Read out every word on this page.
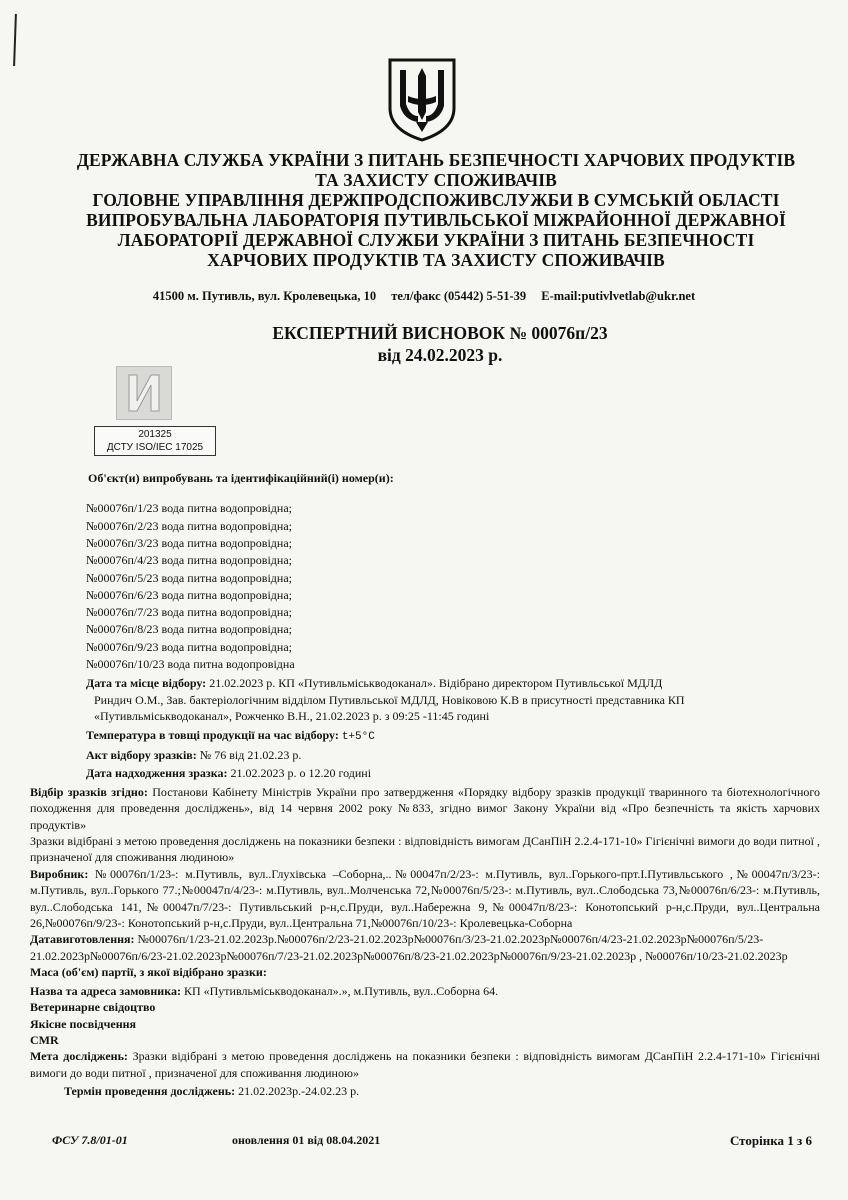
ДЕРЖАВНА СЛУЖБА УКРАЇНИ З ПИТАНЬ БЕЗПЕЧНОСТІ ХАРЧОВИХ ПРОДУКТІВ
ТА ЗАХИСТУ СПОЖИВАЧІВ
ГОЛОВНЕ УПРАВЛІННЯ ДЕРЖПРОДСПОЖИВСЛУЖБИ В СУМСЬКІЙ ОБЛАСТІ
ВИПРОБУВАЛЬНА ЛАБОРАТОРІЯ ПУТИВЛЬСЬКОЇ МІЖРАЙОННОЇ ДЕРЖАВНОЇ
ЛАБОРАТОРІЇ ДЕРЖАВНОЇ СЛУЖБИ УКРАЇНИ З ПИТАНЬ БЕЗПЕЧНОСТІ
ХАРЧОВИХ ПРОДУКТІВ ТА ЗАХИСТУ СПОЖИВАЧІВ
41500 м. Путивль, вул. Кролевецька, 10 тел/факс (05442) 5-51-39 E-mail:putivlvetlab@ukr.net
ЕКСПЕРТНИЙ ВИСНОВОК № 00076п/23
від 24.02.2023 р.
201325
ДСТУ ISO/IEC 17025

Об'єкт(и) випробувань та ідентифікаційний(і) номер(и):

№00076п/1/23 вода питна водопровідна;
№00076п/2/23 вода питна водопровідна;
№00076п/3/23 вода питна водопровідна;
№00076п/4/23 вода питна водопровідна;
№00076п/5/23 вода питна водопровідна;
№00076п/6/23 вода питна водопровідна;
№00076п/7/23 вода питна водопровідна;
№00076п/8/23 вода питна водопровідна;
№00076п/9/23 вода питна водопровідна;
№00076п/10/23 вода питна водопровідна
Дата та місце відбору: 21.02.2023 р. КП «Путивльміськводоканал». Відібрано директором Путивльської МДЛД
Риндич О.М., Зав. бактеріологічним відділом Путивльської МДЛД, Новіковою К.В в присутності представника КП
«Путивльміськводоканал», Рожченко В.Н., 21.02.2023 р. з 09:25 -11:45 годині
Температура в товщі продукції на час відбору: t+5°C
Акт відбору зразків: № 76 від 21.02.23 р.
Дата надходження зразка: 21.02.2023 р. о 12.20 годині
Відбір зразків згідно: Постанови Кабінету Міністрів України про затвердження «Порядку відбору зразків продукції тваринного та біотехнологічного походження для проведення досліджень», від 14 червня 2002 року №833, згідно вимог Закону України від «Про безпечність та якість харчових продуктів»
Зразки відібрані з метою проведення досліджень на показники безпеки : відповідність вимогам ДСанПіН 2.2.4-171-10» Гігієнічні вимоги до води питної , призначеної для споживання людиною»
Виробник: №00076п/1/23-: м.Путивль, вул..Глухівська –Соборна,..№00047п/2/23-: м.Путивль, вул..Горького-прт.І.Путивльського ,№00047п/3/23-: м.Путивль, вул..Горького 77.;№00047п/4/23-: м.Путивль, вул..Молченська 72,№00076п/5/23-: м.Путивль, вул..Слобoдська 73,№00076п/6/23-: м.Путивль, вул..Слобoдська 141,№00047п/7/23-: Путивльський р-н,с.Пруди, вул..Набережна 9,№00047п/8/23-: Конотопський р-н,с.Пруди, вул..Центральна 26,№00076п/9/23-: Конотопський р-н,с.Пруди, вул..Центральна 71,№00076п/10/23-: Кролевецька-Соборна
Датавиготовлення: №00076п/1/23-21.02.2023р.№00076п/2/23-21.02.2023р№00076п/3/23-21.02.2023р№00076п/4/23-21.02.2023р№00076п/5/23-21.02.2023р№00076п/6/23-21.02.2023р№00076п/7/23-21.02.2023р№00076п/8/23-21.02.2023р№00076п/9/23-21.02.2023р , №00076п/10/23-21.02.2023р
Маса (об'єм) партії, з якої відібрано зразки:
Назва та адреса замовника: КП «Путивльміськводоканал».», м.Путивль, вул..Соборна 64.
Ветеринарне свідоцтво
Якісне посвідчення
CMR
Мета досліджень: Зразки відібрані з метою проведення досліджень на показники безпеки : відповідність вимогам ДСанПіН 2.2.4-171-10» Гігієнічні вимоги до води питної , призначеної для споживання людиною»
Термін проведення досліджень: 21.02.2023р.-24.02.23 р.
ФСУ 7.8/01-01	оновлення 01 від 08.04.2021	Сторінка 1 з 6
